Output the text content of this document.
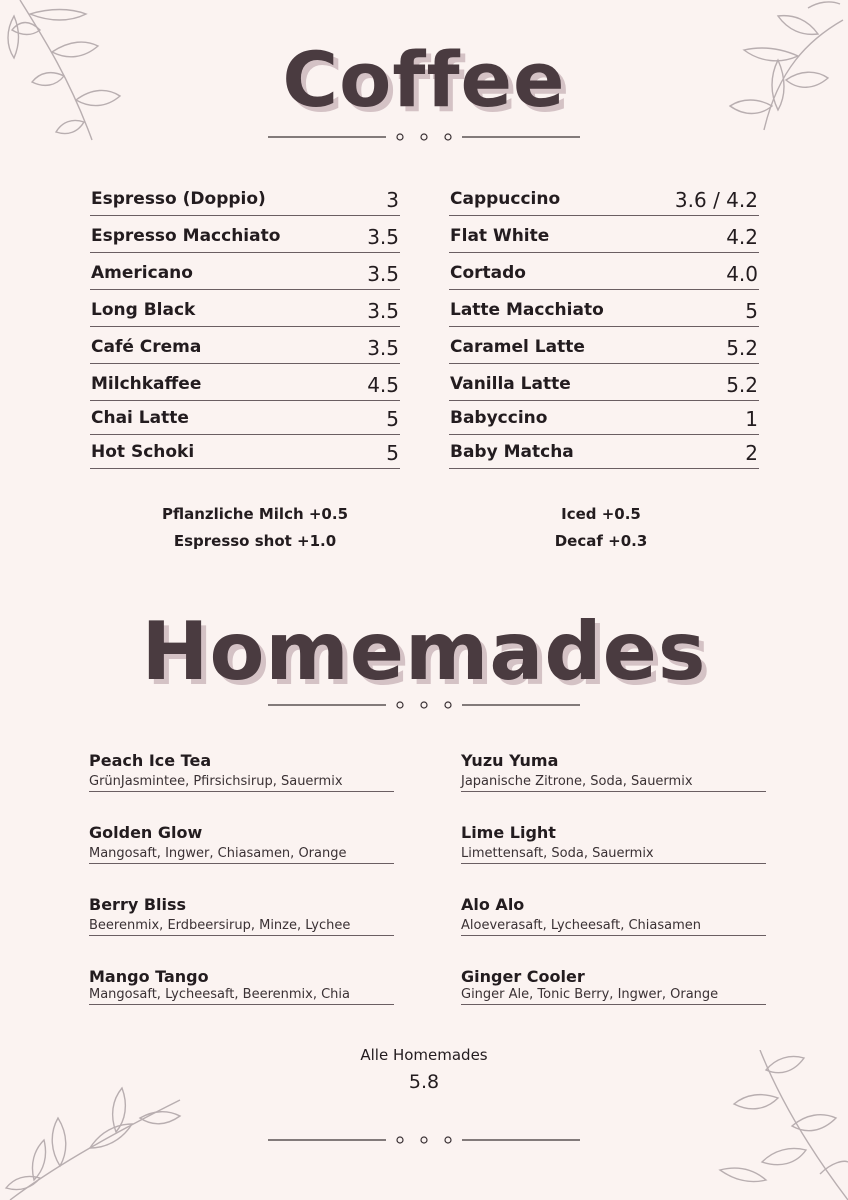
Coffee
Espresso (Doppio)	3
Espresso Macchiato	3.5
Americano	3.5
Long Black	3.5
Café Crema	3.5
Milchkaffee	4.5
Chai Latte	5
Hot Schoki	5
Cappuccino	3.6 / 4.2
Flat White	4.2
Cortado	4.0
Latte Macchiato	5
Caramel Latte	5.2
Vanilla Latte	5.2
Babyccino	1
Baby Matcha	2
Pflanzliche Milch +0.5
Espresso shot +1.0
Iced +0.5
Decaf +0.3
Homemades
Peach Ice Tea
GrünJasmintee, Pfirsichsirup, Sauermix
Golden Glow
Mangosaft, Ingwer, Chiasamen, Orange
Berry Bliss
Beerenmix, Erdbeersirup, Minze, Lychee
Mango Tango
Mangosaft, Lycheesaft, Beerenmix, Chia
Yuzu Yuma
Japanische Zitrone, Soda, Sauermix
Lime Light
Limettensaft, Soda, Sauermix
Alo Alo
Aloeverasaft, Lycheesaft, Chiasamen
Ginger Cooler
Ginger Ale, Tonic Berry, Ingwer, Orange
Alle Homemades
5.8
